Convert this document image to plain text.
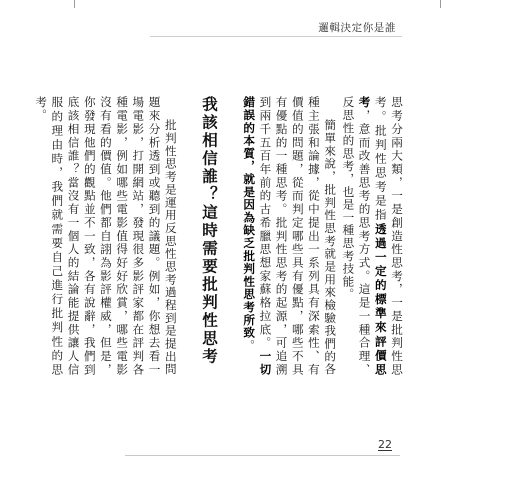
邏輯決定你是誰

思考分兩大類，一是創造性思考，一是批判性思考。批判性思考是指透過一定的標準來評價思考，意而改善思考的思考方式。這是一種合理、反思性的思考，也是一種思考技能。

簡單來說，批判性思考就是用來檢驗我們的各種主張和論據，從中提出一系列具有深索性、有價值的問題，從而判定哪些具有優點，哪些不具有優點的一種思考。批判性思考的起源，可追溯到兩千五百年前的古希臘思想家蘇格拉底。一切錯誤的本質，就是因為缺乏批判性思考所致。

我該相信誰？這時需要批判性思考

批判性思考是運用反思性思考過程到是提出問題來分析透到或聽到的議題。例如，你想去看一場電影，打開網站，發現很多影評家都在評判各種電影，例如哪些電影值得好好欣賞，哪些電影沒有看的價值。他們都自詡為影評權威，但是，你發現他們的觀點並不一致，各有說辭，我們到底該相信誰？當沒有一個人的結論能提供讓人信服的理由時，我們就需要自己進行批判性的思考。

22
